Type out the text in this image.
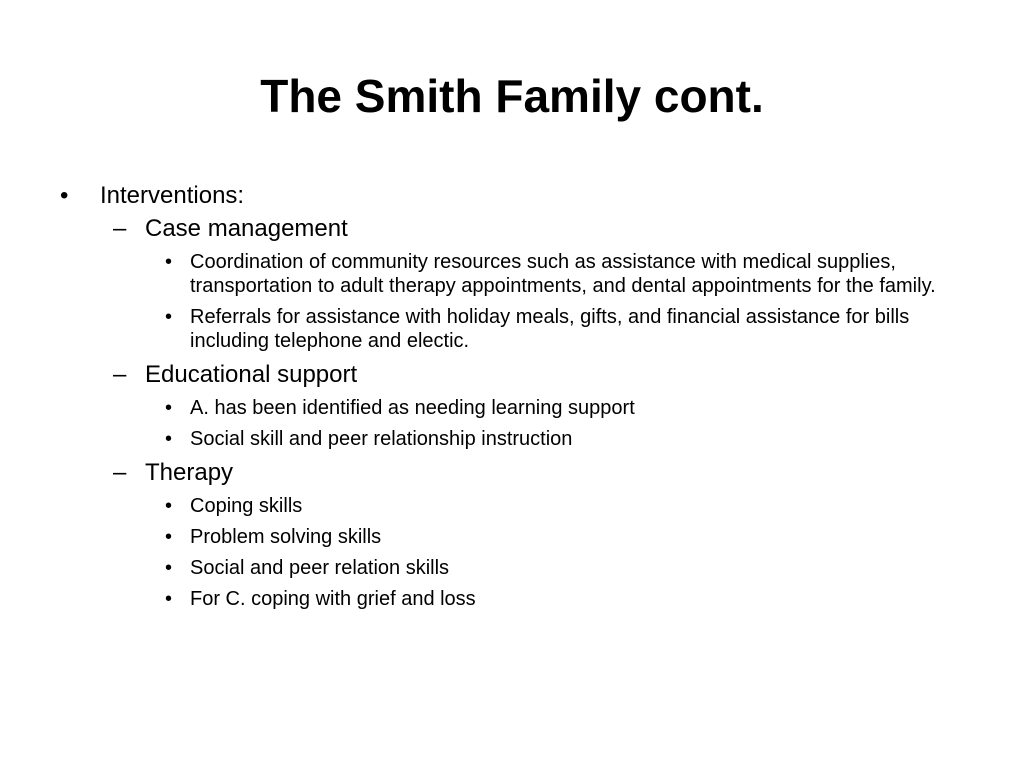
The Smith Family cont.
• Interventions:
– Case management
• Coordination of community resources such as assistance with medical supplies, transportation to adult therapy appointments, and dental appointments for the family.
• Referrals for assistance with holiday meals, gifts, and financial assistance for bills including telephone and electic.
– Educational support
• A. has been identified as needing learning support
• Social skill and peer relationship instruction
– Therapy
• Coping skills
• Problem solving skills
• Social and peer relation skills
• For C. coping with grief and loss
